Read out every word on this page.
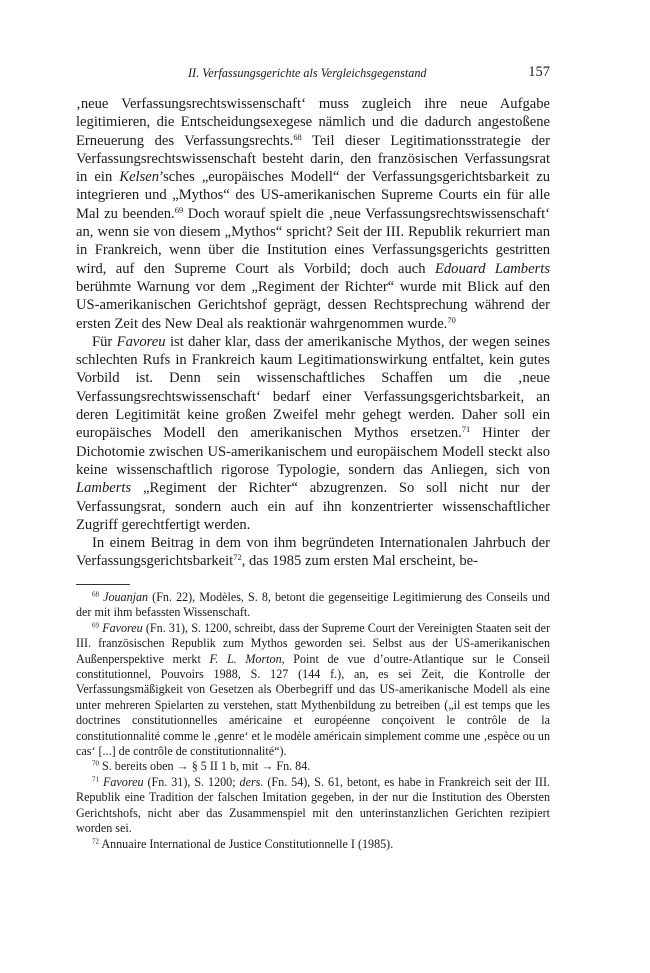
II. Verfassungsgerichte als Vergleichsgegenstand	157

‚neue Verfassungsrechtswissenschaft‘ muss zugleich ihre neue Aufgabe legitimieren, die Entscheidungsexegese nämlich und die dadurch angestoßene Erneuerung des Verfassungsrechts.$^{68}$ Teil dieser Legitimationsstrategie der Verfassungsrechtswissenschaft besteht darin, den französischen Verfassungsrat in ein Kelsen’sches „europäisches Modell“ der Verfassungsgerichtsbarkeit zu integrieren und „Mythos“ des US-amerikanischen Supreme Courts ein für alle Mal zu beenden.$^{69}$ Doch worauf spielt die ‚neue Verfassungsrechtswissenschaft‘ an, wenn sie von diesem „Mythos“ spricht? Seit der III. Republik rekurriert man in Frankreich, wenn über die Institution eines Verfassungsgerichts gestritten wird, auf den Supreme Court als Vorbild; doch auch Edouard Lamberts berühmte Warnung vor dem „Regiment der Richter“ wurde mit Blick auf den US-amerikanischen Gerichtshof geprägt, dessen Rechtsprechung während der ersten Zeit des New Deal als reaktionär wahrgenommen wurde.$^{70}$

Für Favoreu ist daher klar, dass der amerikanische Mythos, der wegen seines schlechten Rufs in Frankreich kaum Legitimationswirkung entfaltet, kein gutes Vorbild ist. Denn sein wissenschaftliches Schaffen um die ‚neue Verfassungsrechtswissenschaft‘ bedarf einer Verfassungsgerichtsbarkeit, an deren Legitimität keine großen Zweifel mehr gehegt werden. Daher soll ein europäisches Modell den amerikanischen Mythos ersetzen.$^{71}$ Hinter der Dichotomie zwischen US-amerikanischem und europäischem Modell steckt also keine wissenschaftlich rigorose Typologie, sondern das Anliegen, sich von Lamberts „Regiment der Richter“ abzugrenzen. So soll nicht nur der Verfassungsrat, sondern auch ein auf ihn konzentrierter wissenschaftlicher Zugriff gerechtfertigt werden.

In einem Beitrag in dem von ihm begründeten Internationalen Jahrbuch der Verfassungsgerichtsbarkeit$^{72}$, das 1985 zum ersten Mal erscheint, be-

$^{68}$ Jouanjan (Fn. 22), Modèles, S. 8, betont die gegenseitige Legitimierung des Conseils und der mit ihm befassten Wissenschaft.

$^{69}$ Favoreu (Fn. 31), S. 1200, schreibt, dass der Supreme Court der Vereinigten Staaten seit der III. französischen Republik zum Mythos geworden sei. Selbst aus der US-amerikanischen Außenperspektive merkt F. L. Morton, Point de vue d’outre-Atlantique sur le Conseil constitutionnel, Pouvoirs 1988, S. 127 (144 f.), an, es sei Zeit, die Kontrolle der Verfassungsmäßigkeit von Gesetzen als Oberbegriff und das US-amerikanische Modell als eine unter mehreren Spielarten zu verstehen, statt Mythenbildung zu betreiben („il est temps que les doctrines constitutionnelles américaine et européenne conçoivent le contrôle de la constitutionnalité comme le ‚genre‘ et le modèle américain simplement comme une ‚espèce ou un cas‘ [...] de contrôle de constitutionnalité“).

$^{70}$ S. bereits oben → § 5 II 1 b, mit → Fn. 84.

$^{71}$ Favoreu (Fn. 31), S. 1200; ders. (Fn. 54), S. 61, betont, es habe in Frankreich seit der III. Republik eine Tradition der falschen Imitation gegeben, in der nur die Institution des Obersten Gerichtshofs, nicht aber das Zusammenspiel mit den unterinstanzlichen Gerichten rezipiert worden sei.

$^{72}$ Annuaire International de Justice Constitutionnelle I (1985).
